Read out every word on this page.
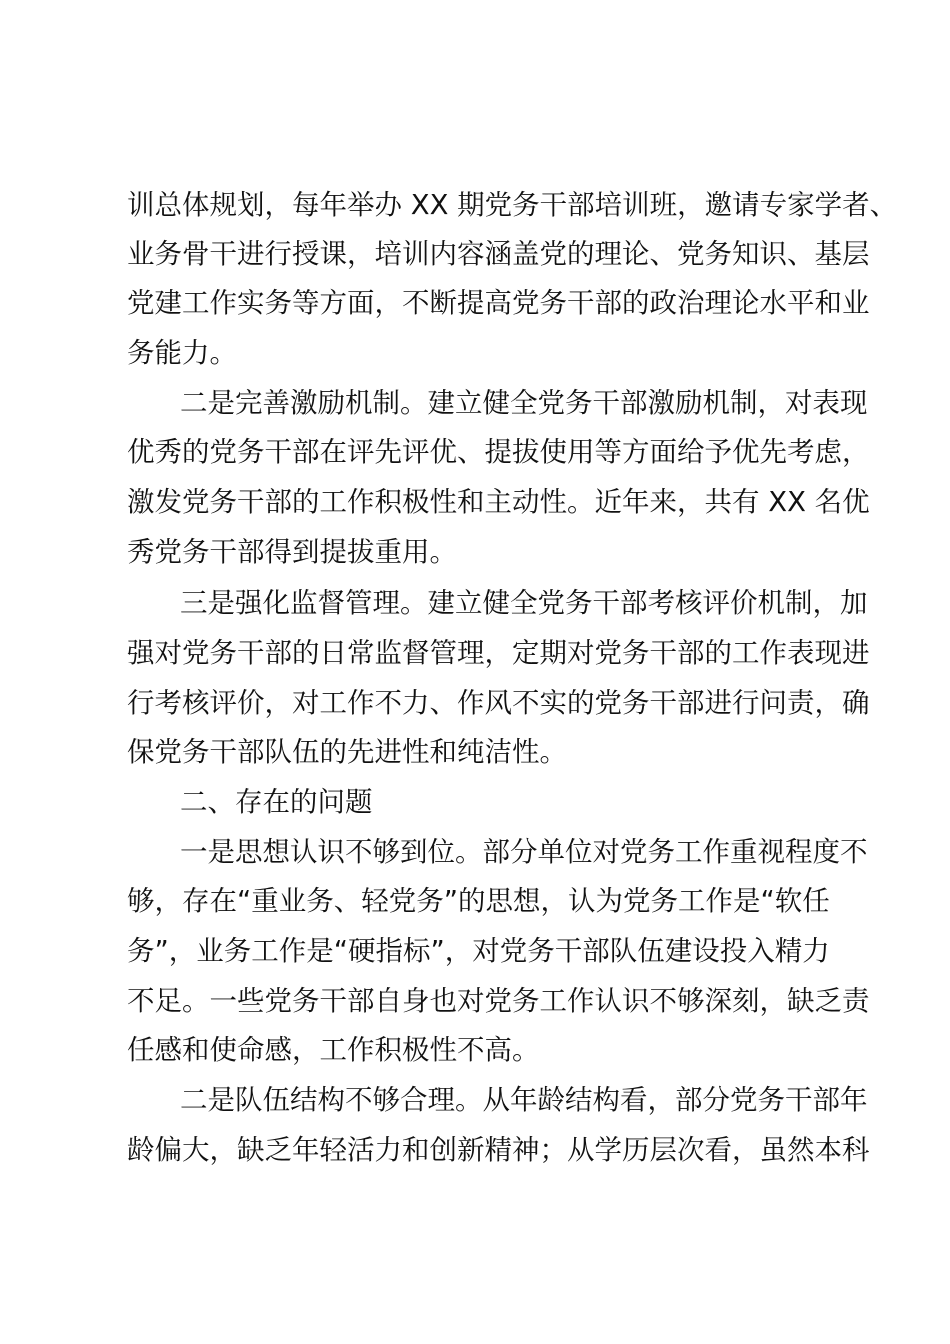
训总体规划，每年举办 XX 期党务干部培训班，邀请专家学者、
业务骨干进行授课，培训内容涵盖党的理论、党务知识、基层
党建工作实务等方面，不断提高党务干部的政治理论水平和业
务能力。
二是完善激励机制。建立健全党务干部激励机制，对表现
优秀的党务干部在评先评优、提拔使用等方面给予优先考虑，
激发党务干部的工作积极性和主动性。近年来，共有 XX 名优
秀党务干部得到提拔重用。
三是强化监督管理。建立健全党务干部考核评价机制，加
强对党务干部的日常监督管理，定期对党务干部的工作表现进
行考核评价，对工作不力、作风不实的党务干部进行问责，确
保党务干部队伍的先进性和纯洁性。
二、存在的问题
一是思想认识不够到位。部分单位对党务工作重视程度不
够，存在“重业务、轻党务”的思想，认为党务工作是“软任
务”，业务工作是“硬指标”，对党务干部队伍建设投入精力
不足。一些党务干部自身也对党务工作认识不够深刻，缺乏责
任感和使命感，工作积极性不高。
二是队伍结构不够合理。从年龄结构看，部分党务干部年
龄偏大，缺乏年轻活力和创新精神；从学历层次看，虽然本科
